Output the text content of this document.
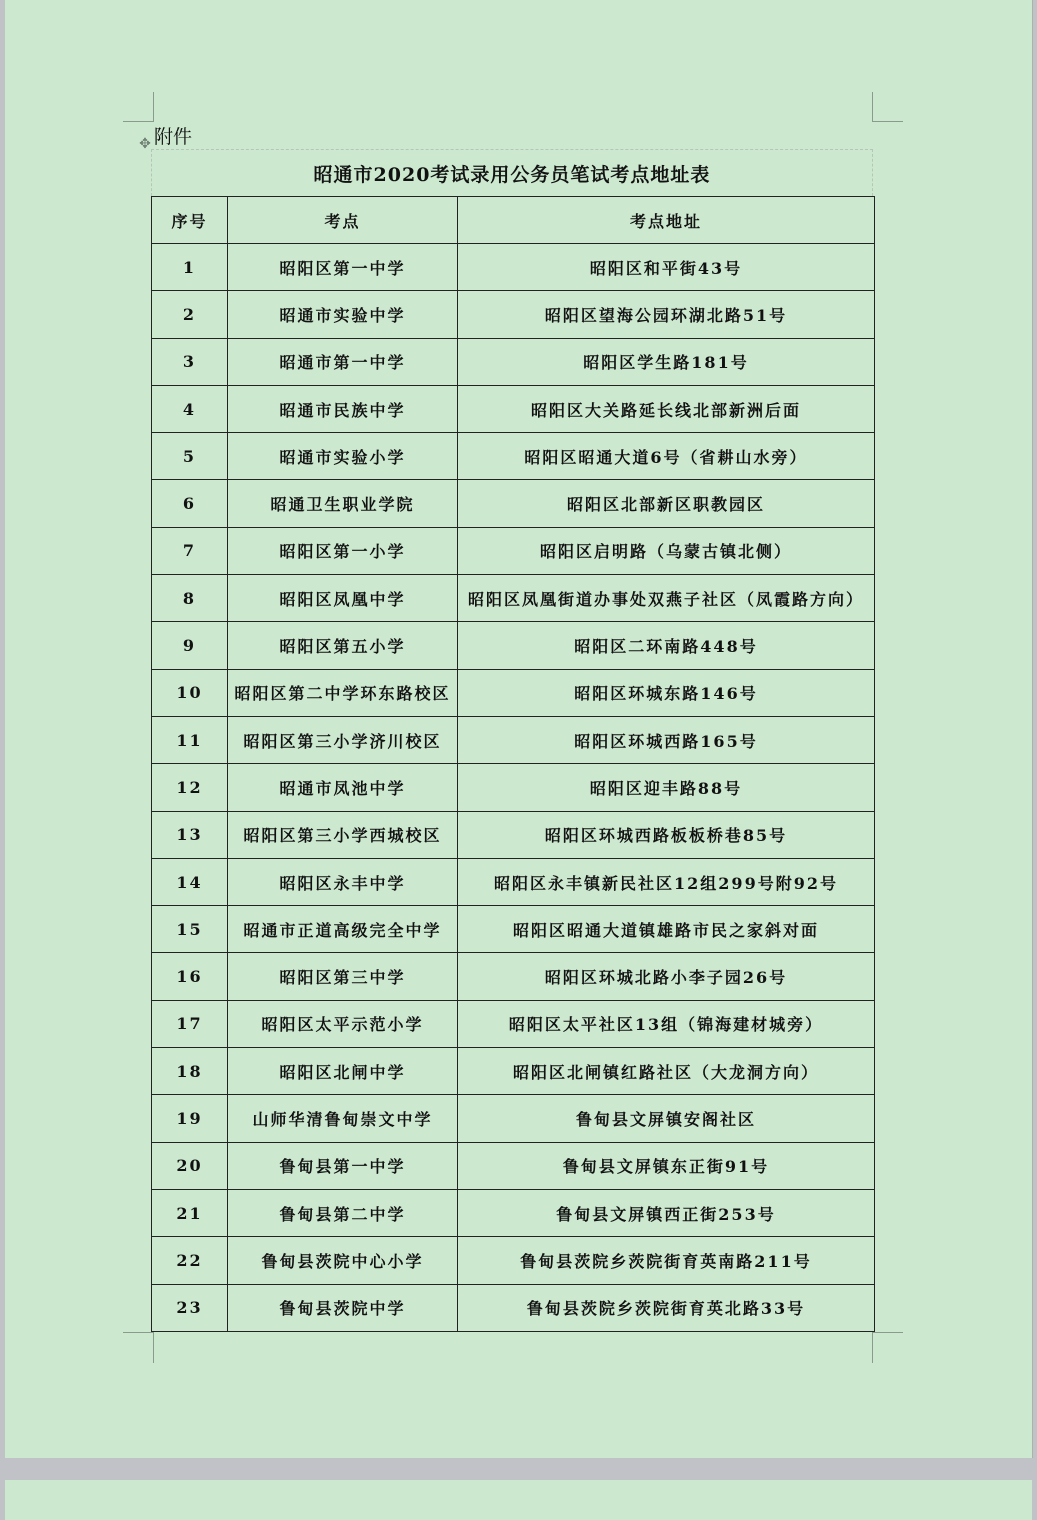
✥ 附件
昭通市2020考试录用公务员笔试考点地址表
序号	考点	考点地址
1	昭阳区第一中学	昭阳区和平街43号
2	昭通市实验中学	昭阳区望海公园环湖北路51号
3	昭通市第一中学	昭阳区学生路181号
4	昭通市民族中学	昭阳区大关路延长线北部新洲后面
5	昭通市实验小学	昭阳区昭通大道6号（省耕山水旁）
6	昭通卫生职业学院	昭阳区北部新区职教园区
7	昭阳区第一小学	昭阳区启明路（乌蒙古镇北侧）
8	昭阳区凤凰中学	昭阳区凤凰街道办事处双燕子社区（凤霞路方向）
9	昭阳区第五小学	昭阳区二环南路448号
10	昭阳区第二中学环东路校区	昭阳区环城东路146号
11	昭阳区第三小学济川校区	昭阳区环城西路165号
12	昭通市凤池中学	昭阳区迎丰路88号
13	昭阳区第三小学西城校区	昭阳区环城西路板板桥巷85号
14	昭阳区永丰中学	昭阳区永丰镇新民社区12组299号附92号
15	昭通市正道高级完全中学	昭阳区昭通大道镇雄路市民之家斜对面
16	昭阳区第三中学	昭阳区环城北路小李子园26号
17	昭阳区太平示范小学	昭阳区太平社区13组（锦海建材城旁）
18	昭阳区北闸中学	昭阳区北闸镇红路社区（大龙洞方向）
19	山师华清鲁甸崇文中学	鲁甸县文屏镇安阁社区
20	鲁甸县第一中学	鲁甸县文屏镇东正街91号
21	鲁甸县第二中学	鲁甸县文屏镇西正街253号
22	鲁甸县茨院中心小学	鲁甸县茨院乡茨院街育英南路211号
23	鲁甸县茨院中学	鲁甸县茨院乡茨院街育英北路33号
